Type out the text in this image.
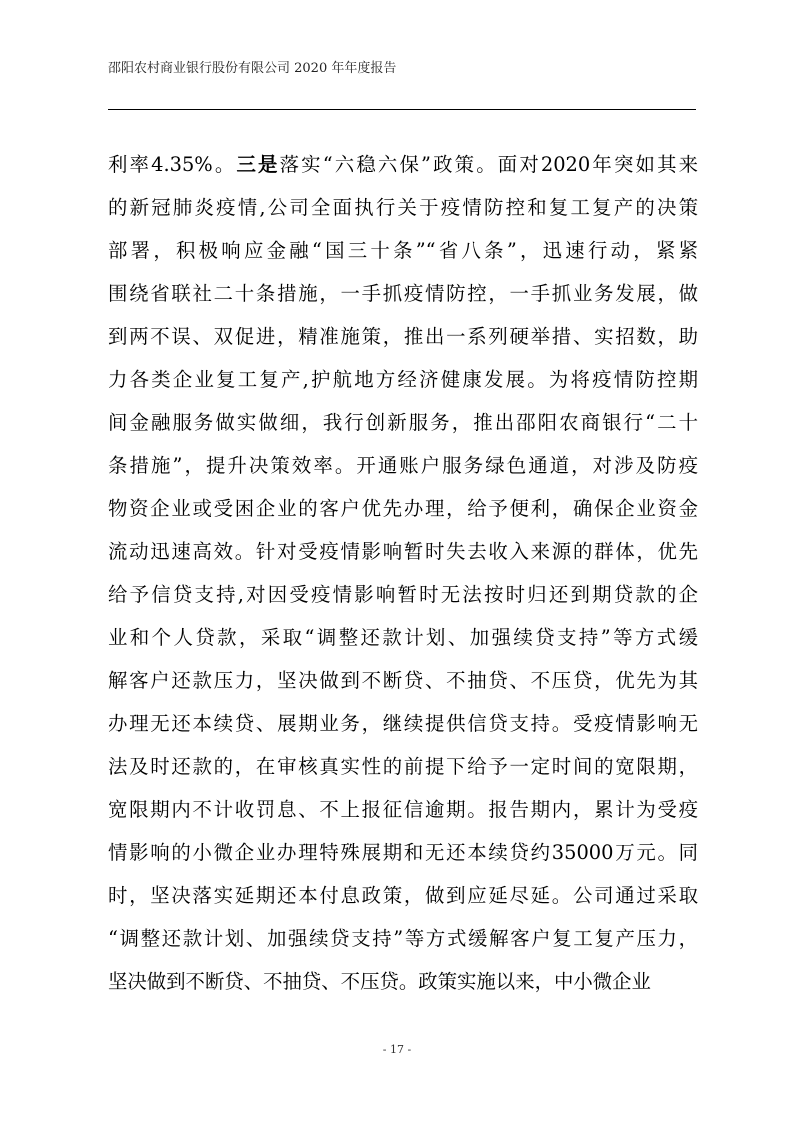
邵阳农村商业银行股份有限公司 2020 年年度报告
利率4.35%。三是落实“六稳六保”政策。面对2020年突如其来
的新冠肺炎疫情,公司全面执行关于疫情防控和复工复产的决策
部署，积极响应金融“国三十条”“省八条”，迅速行动，紧紧
围绕省联社二十条措施，一手抓疫情防控，一手抓业务发展，做
到两不误、双促进，精准施策，推出一系列硬举措、实招数，助
力各类企业复工复产,护航地方经济健康发展。为将疫情防控期
间金融服务做实做细，我行创新服务，推出邵阳农商银行“二十
条措施”，提升决策效率。开通账户服务绿色通道，对涉及防疫
物资企业或受困企业的客户优先办理，给予便利，确保企业资金
流动迅速高效。针对受疫情影响暂时失去收入来源的群体，优先
给予信贷支持,对因受疫情影响暂时无法按时归还到期贷款的企
业和个人贷款，采取“调整还款计划、加强续贷支持”等方式缓
解客户还款压力，坚决做到不断贷、不抽贷、不压贷，优先为其
办理无还本续贷、展期业务，继续提供信贷支持。受疫情影响无
法及时还款的，在审核真实性的前提下给予一定时间的宽限期，
宽限期内不计收罚息、不上报征信逾期。报告期内，累计为受疫
情影响的小微企业办理特殊展期和无还本续贷约35000万元。同
时，坚决落实延期还本付息政策，做到应延尽延。公司通过采取
“调整还款计划、加强续贷支持”等方式缓解客户复工复产压力，
坚决做到不断贷、不抽贷、不压贷。政策实施以来，中小微企业
- 17 -
